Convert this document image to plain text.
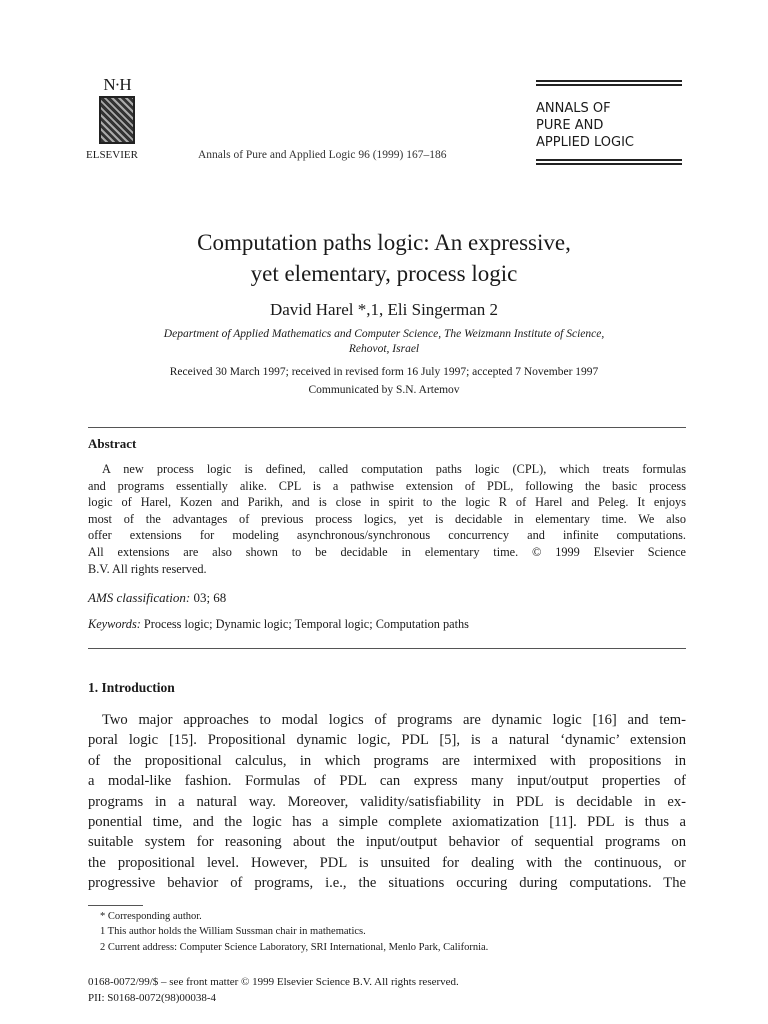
N·H
ELSEVIER	Annals of Pure and Applied Logic 96 (1999) 167–186
ANNALS OF
PURE AND
APPLIED LOGIC
Computation paths logic: An expressive,
yet elementary, process logic
David Harel *,1, Eli Singerman 2
Department of Applied Mathematics and Computer Science, The Weizmann Institute of Science,
Rehovot, Israel
Received 30 March 1997; received in revised form 16 July 1997; accepted 7 November 1997
Communicated by S.N. Artemov
Abstract
A new process logic is defined, called computation paths logic (CPL), which treats formulas
and programs essentially alike. CPL is a pathwise extension of PDL, following the basic process
logic of Harel, Kozen and Parikh, and is close in spirit to the logic R of Harel and Peleg. It enjoys
most of the advantages of previous process logics, yet is decidable in elementary time. We also
offer extensions for modeling asynchronous/synchronous concurrency and infinite computations.
All extensions are also shown to be decidable in elementary time. © 1999 Elsevier Science
B.V. All rights reserved.
AMS classification: 03; 68
Keywords: Process logic; Dynamic logic; Temporal logic; Computation paths
1. Introduction
Two major approaches to modal logics of programs are dynamic logic [16] and tem-
poral logic [15]. Propositional dynamic logic, PDL [5], is a natural ‘dynamic’ extension
of the propositional calculus, in which programs are intermixed with propositions in
a modal-like fashion. Formulas of PDL can express many input/output properties of
programs in a natural way. Moreover, validity/satisfiability in PDL is decidable in ex-
ponential time, and the logic has a simple complete axiomatization [11]. PDL is thus a
suitable system for reasoning about the input/output behavior of sequential programs on
the propositional level. However, PDL is unsuited for dealing with the continuous, or
progressive behavior of programs, i.e., the situations occuring during computations. The
* Corresponding author.
1 This author holds the William Sussman chair in mathematics.
2 Current address: Computer Science Laboratory, SRI International, Menlo Park, California.
0168-0072/99/$ – see front matter © 1999 Elsevier Science B.V. All rights reserved.
PII: S0168-0072(98)00038-4
